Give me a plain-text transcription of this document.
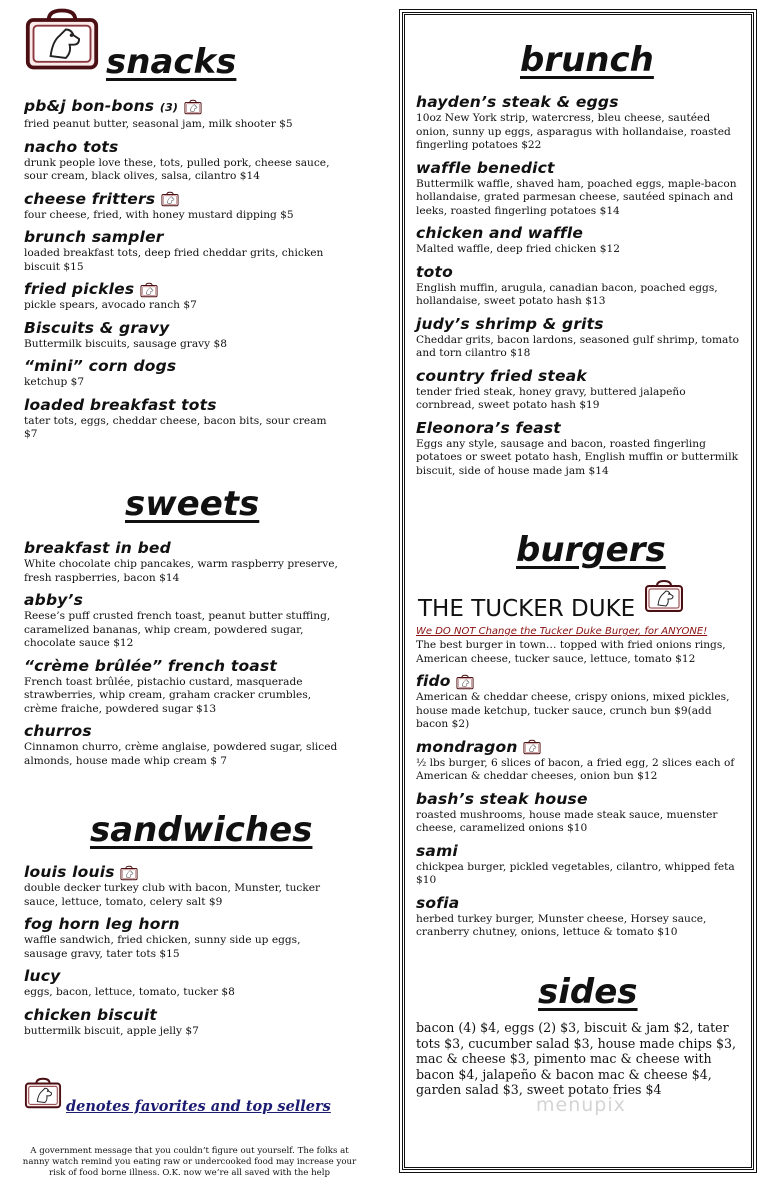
snacks
pb&j bon-bons (3)
fried peanut butter, seasonal jam, milk shooter $5
nacho tots
drunk people love these, tots, pulled pork, cheese sauce, sour cream, black olives, salsa, cilantro $14
cheese fritters
four cheese, fried, with honey mustard dipping $5
brunch sampler
loaded breakfast tots, deep fried cheddar grits, chicken biscuit $15
fried pickles
pickle spears, avocado ranch $7
Biscuits & gravy
Buttermilk biscuits, sausage gravy $8
“mini” corn dogs
ketchup $7
loaded breakfast tots
tater tots, eggs, cheddar cheese, bacon bits, sour cream $7
sweets
breakfast in bed
White chocolate chip pancakes, warm raspberry preserve, fresh raspberries, bacon $14
abby’s
Reese’s puff crusted french toast, peanut butter stuffing, caramelized bananas, whip cream, powdered sugar, chocolate sauce $12
“crème brûlée” french toast
French toast brûlée, pistachio custard, masquerade strawberries, whip cream, graham cracker crumbles, crème fraiche, powdered sugar $13
churros
Cinnamon churro, crème anglaise, powdered sugar, sliced almonds, house made whip cream $ 7
sandwiches
louis louis
double decker turkey club with bacon, Munster, tucker sauce, lettuce, tomato, celery salt $9
fog horn leg horn
waffle sandwich, fried chicken, sunny side up eggs, sausage gravy, tater tots $15
lucy
eggs, bacon, lettuce, tomato, tucker $8
chicken biscuit
buttermilk biscuit, apple jelly $7
denotes favorites and top sellers
A government message that you couldn’t figure out yourself. The folks at nanny watch remind you eating raw or undercooked food may increase your risk of food borne illness. O.K. now we’re all saved with the help
brunch
hayden’s steak & eggs
10oz New York strip, watercress, bleu cheese, sautéed onion, sunny up eggs, asparagus with hollandaise, roasted fingerling potatoes $22
waffle benedict
Buttermilk waffle, shaved ham, poached eggs, maple-bacon hollandaise, grated parmesan cheese, sautéed spinach and leeks, roasted fingerling potatoes $14
chicken and waffle
Malted waffle, deep fried chicken $12
toto
English muffin, arugula, canadian bacon, poached eggs, hollandaise, sweet potato hash $13
judy’s shrimp & grits
Cheddar grits, bacon lardons, seasoned gulf shrimp, tomato and torn cilantro $18
country fried steak
tender fried steak, honey gravy, buttered jalapeño cornbread, sweet potato hash $19
Eleonora’s feast
Eggs any style, sausage and bacon, roasted fingerling potatoes or sweet potato hash, English muffin or buttermilk biscuit, side of house made jam $14
burgers
THE TUCKER DUKE
We DO NOT Change the Tucker Duke Burger, for ANYONE!
The best burger in town… topped with fried onions rings, American cheese, tucker sauce, lettuce, tomato $12
fido
American & cheddar cheese, crispy onions, mixed pickles, house made ketchup, tucker sauce, crunch bun $9(add bacon $2)
mondragon
½ lbs burger, 6 slices of bacon, a fried egg, 2 slices each of American & cheddar cheeses, onion bun $12
bash’s steak house
roasted mushrooms, house made steak sauce, muenster cheese, caramelized onions $10
sami
chickpea burger, pickled vegetables, cilantro, whipped feta $10
sofia
herbed turkey burger, Munster cheese, Horsey sauce, cranberry chutney, onions, lettuce & tomato $10
sides
bacon (4) $4, eggs (2) $3, biscuit & jam $2, tater tots $3, cucumber salad $3, house made chips $3, mac & cheese $3, pimento mac & cheese with bacon $4, jalapeño & bacon mac & cheese $4, garden salad $3, sweet potato fries $4
menupix
